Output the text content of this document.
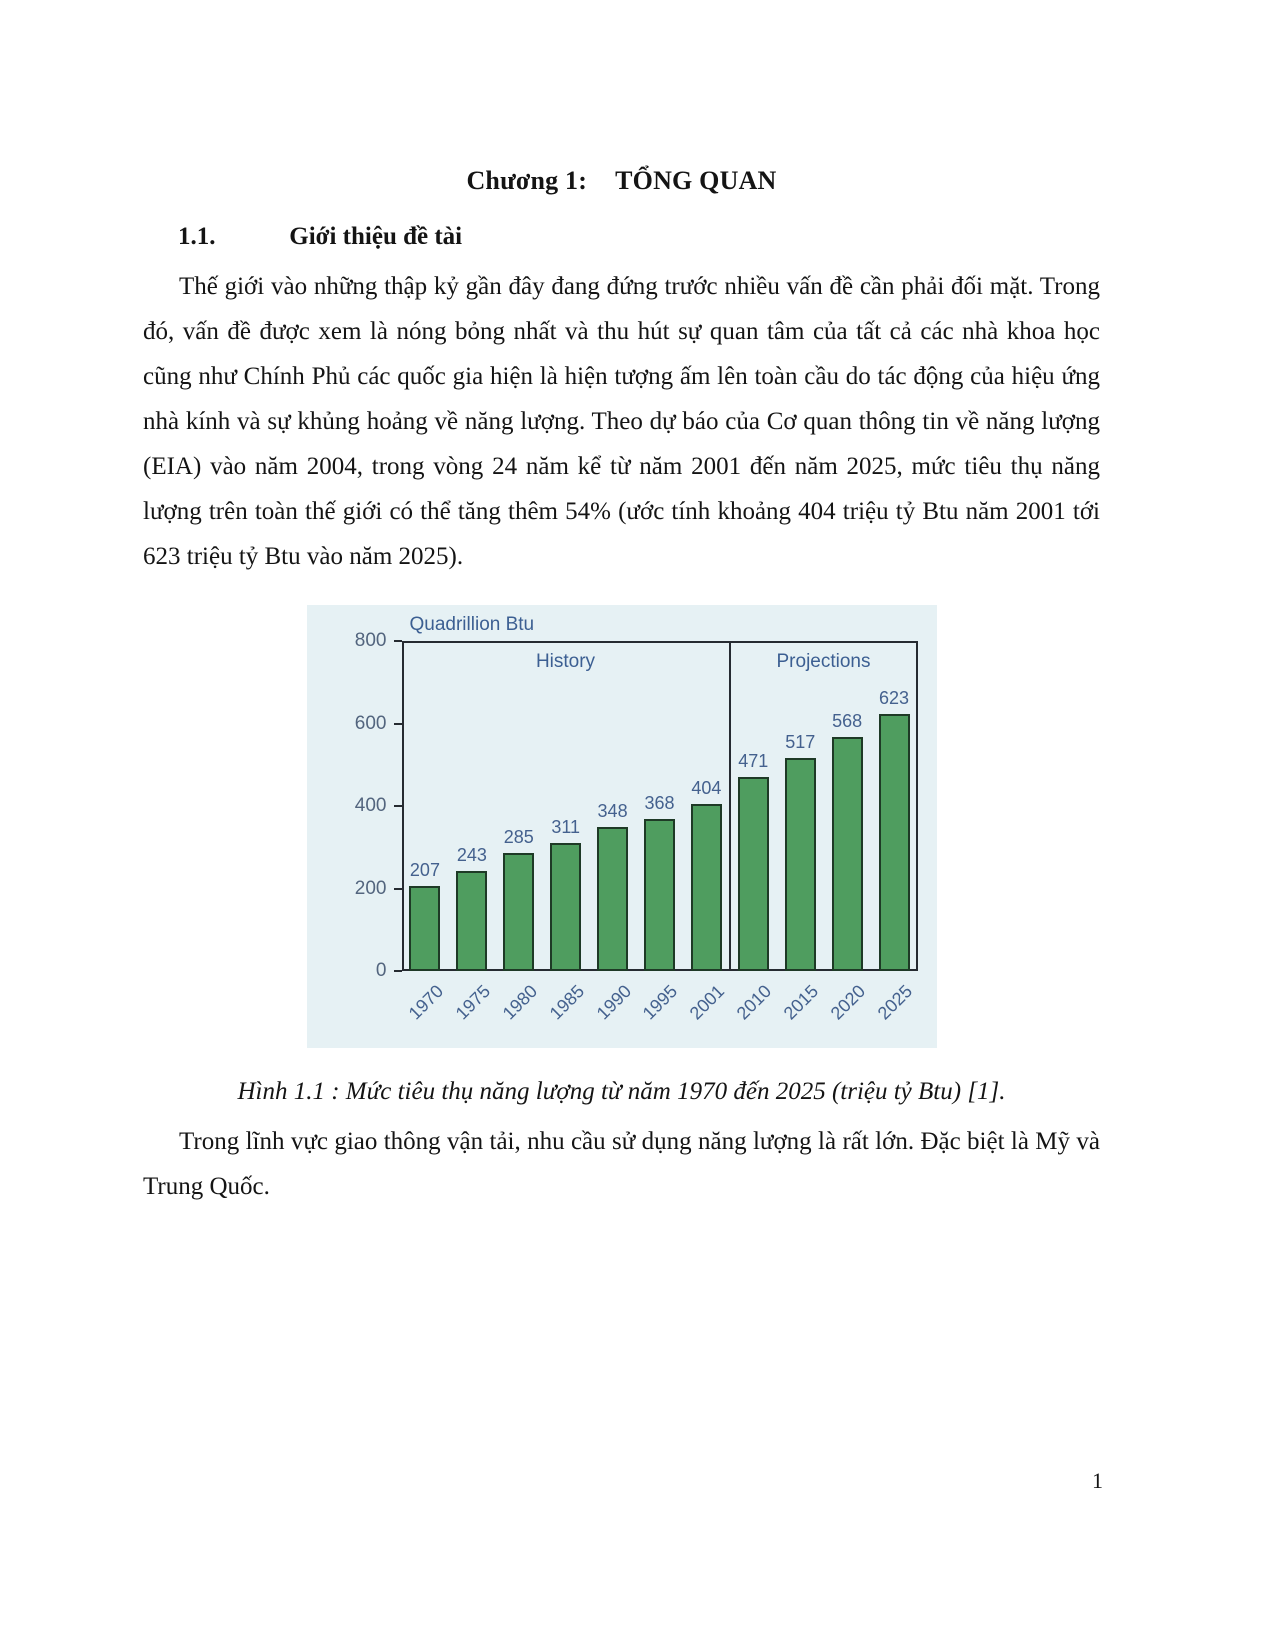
Chương 1: TỔNG QUAN
1.1.	Giới thiệu đề tài

Thế giới vào những thập kỷ gần đây đang đứng trước nhiều vấn đề cần phải đối mặt. Trong đó, vấn đề được xem là nóng bỏng nhất và thu hút sự quan tâm của tất cả các nhà khoa học cũng như Chính Phủ các quốc gia hiện là hiện tượng ấm lên toàn cầu do tác động của hiệu ứng nhà kính và sự khủng hoảng về năng lượng. Theo dự báo của Cơ quan thông tin về năng lượng (EIA) vào năm 2004, trong vòng 24 năm kể từ năm 2001 đến năm 2025, mức tiêu thụ năng lượng trên toàn thế giới có thể tăng thêm 54% (ước tính khoảng 404 triệu tỷ Btu năm 2001 tới 623 triệu tỷ Btu vào năm 2025).

Quadrillion Btu
History	Projections
0
200
400
600
800
207
1970
243
1975
285
1980
311
1985
348
1990
368
1995
404
2001
471
2010
517
2015
568
2020
623
2025

Hình 1.1 : Mức tiêu thụ năng lượng từ năm 1970 đến 2025 (triệu tỷ Btu) [1].

Trong lĩnh vực giao thông vận tải, nhu cầu sử dụng năng lượng là rất lớn. Đặc biệt là Mỹ và Trung Quốc.

1
